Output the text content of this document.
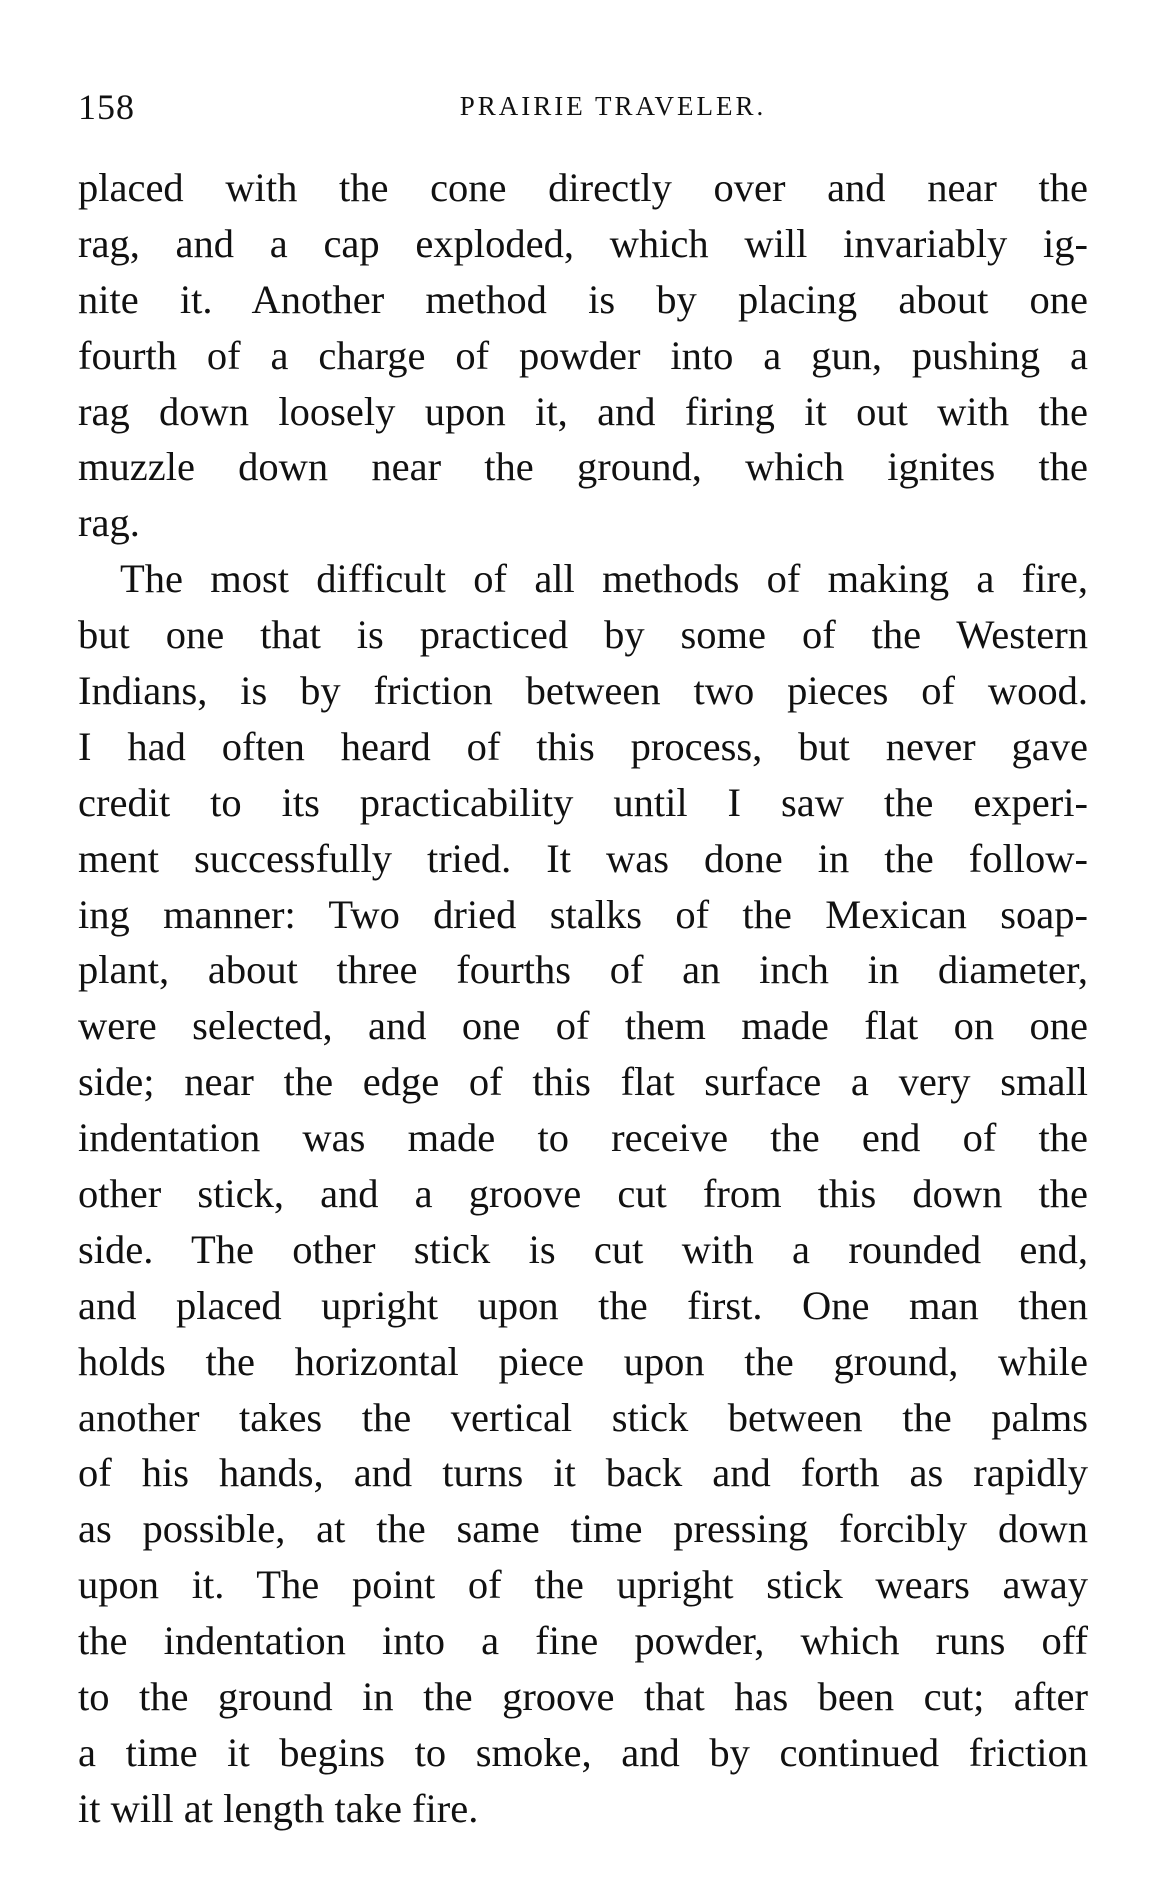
158	PRAIRIE TRAVELER.
placed with the cone directly over and near the
rag, and a cap exploded, which will invariably ig-
nite it. Another method is by placing about one
fourth of a charge of powder into a gun, pushing a
rag down loosely upon it, and firing it out with the
muzzle down near the ground, which ignites the
rag.
The most difficult of all methods of making a fire,
but one that is practiced by some of the Western
Indians, is by friction between two pieces of wood.
I had often heard of this process, but never gave
credit to its practicability until I saw the experi-
ment successfully tried. It was done in the follow-
ing manner: Two dried stalks of the Mexican soap-
plant, about three fourths of an inch in diameter,
were selected, and one of them made flat on one
side; near the edge of this flat surface a very small
indentation was made to receive the end of the
other stick, and a groove cut from this down the
side. The other stick is cut with a rounded end,
and placed upright upon the first. One man then
holds the horizontal piece upon the ground, while
another takes the vertical stick between the palms
of his hands, and turns it back and forth as rapidly
as possible, at the same time pressing forcibly down
upon it. The point of the upright stick wears away
the indentation into a fine powder, which runs off
to the ground in the groove that has been cut; after
a time it begins to smoke, and by continued friction
it will at length take fire.
